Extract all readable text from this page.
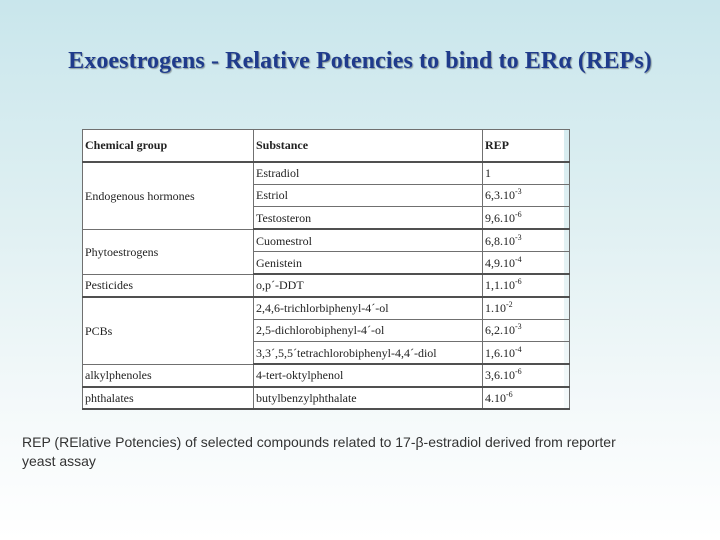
Exoestrogens - Relative Potencies to bind to ERα (REPs)
Chemical group	Substance	REP
Endogenous hormones	Estradiol	1
	Estriol	$6,3.10^{-3}$
	Testosteron	$9,6.10^{-6}$
Phytoestrogens	Cuomestrol	$6,8.10^{-3}$
	Genistein	$4,9.10^{-4}$
Pesticides	o,p´-DDT	$1,1.10^{-6}$
PCBs	2,4,6-trichlorbiphenyl-4´-ol	$1.10^{-2}$
	2,5-dichlorobiphenyl-4´-ol	$6,2.10^{-3}$
	3,3´,5,5´tetrachlorobiphenyl-4,4´-diol	$1,6.10^{-4}$
alkylphenoles	4-tert-oktylphenol	$3,6.10^{-6}$
phthalates	butylbenzylphthalate	$4.10^{-6}$
REP (RElative Potencies) of selected compounds related to 17-β-estradiol derived from reporter
yeast assay
